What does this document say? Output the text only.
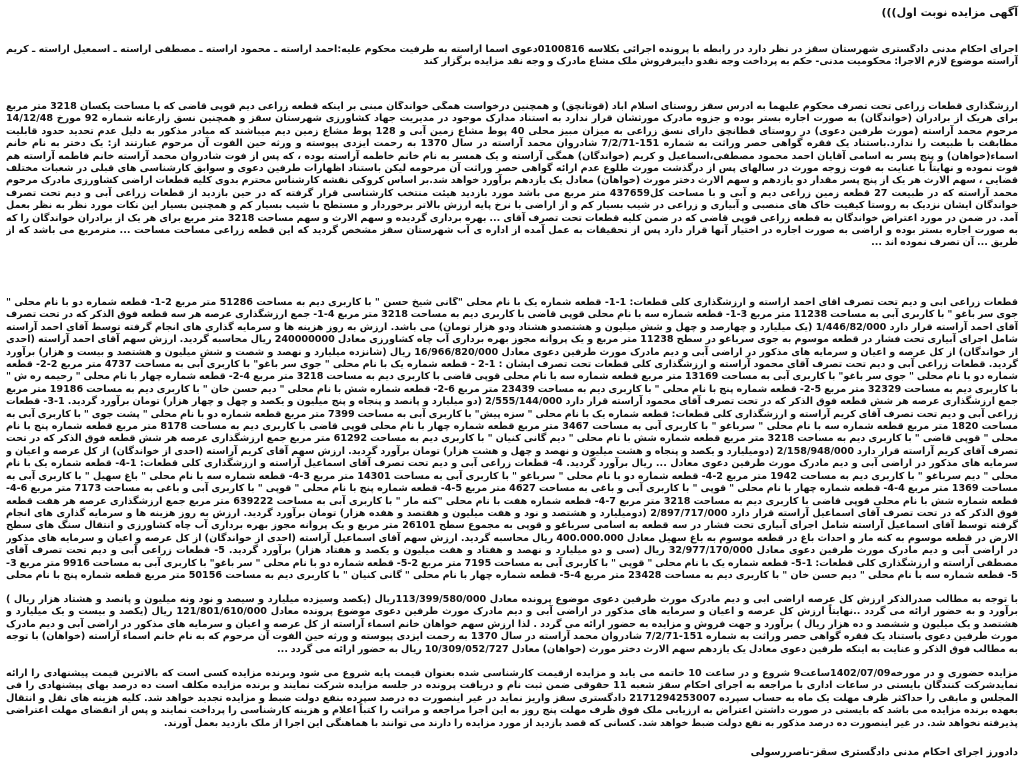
آگهی مزایده نوبت اول)))
اجرای احکام مدنی دادگستری شهرستان سقز در نظر دارد در رابطه با پرونده اجرائی بکلاسه 0100816دعوی اسما آراسته به طرفیت محکوم علیه:احمد آراسته ـ محمود آراسته ـ مصطفی آراسته ـ اسمعیل آراسته ـ کریم آراسته موضوع لازم الاجرا: محکومیت مدنی- حکم به پرداخت وجه نقدو دایبرفروش ملک مشاع مادرک و وجه نقد مزایده برگزار کند
ارزشگذاری قطعات زراعی تحت تصرف محکوم علیهما به آدرس سقز روستای اسلام آباد (قوتانچق) و همچنین درخواست همگی خواندگان مبنی بر اینکه قطعه زراعی دیم قوپی قاضی که با مساحت یکسان 3218 متر مربع برای هریک از برادران (خواندگان) به صورت اجاره بستر بوده و جزوه مادرک مورثشان قرار ندارد به استناد مدارک موجود در مدیریت جهاد کشاورزی شهرستان سقز و همچنین نسق زارعانه شماره 92 مورخ 14/12/48 مرحوم محمد آراسته (مورث طرفین دعوی) در روستای قطانچق دارای نسق زراعی به میزان مبیز محلی 40 پوط مشاع زمین آبی و 128 پوط مشاع زمین دیم میباشند که مبادر مذکور به دلیل عدم تحدید حدود قابلیت مطابقت با طبیعت را ندارد.باستناد یک فقره گواهی حصر وراثت به شماره 151-7/2/71 شادروان محمد آراسته در سال 1370 به رحمت ایزدی پیوسته و ورثه حین الفوت آن مرحوم عبارتند از: یک دختر به نام خانم اسماء(خواهان) و پنج پسر به اسامی آقایان احمد محمود مصطفی،اسماعیل و کریم (خواندگان) همگی آراسته و یک همسر به نام خانم خاطمه آراسته بوده ، که پس از فوت شادروان محمد آراسته خانم فاطمه آراسته هم فوت نموده و نهایتاً با عنایت به فوت زوجه مورث در سالهای پس از درگذشت مورث طلوع عدم ارائه گواهی حصر وراثت آن مرحومه لیکن باستناد اظهارات طرفین دعوی و سوابق کارشناسی های قبلی در شعبات مختلف قضایی ، سهم الارث هر یک از پنج پسر مقدار دو یازدهم و سهم الارث دختر مورث (خواهان) معادل یک یازدهم برآورد خواهد شد.بر اساس کروکی نقشه کارشناس محترم بدوی کلیه قطعات اراضی کشاورزی مادرک مرحوم محمد آراسته که در طبیعت 27 قطعه زمین زراعی دیم و آبی و با مساحت کل437659 متر مربع می باشد مورد بازدید هیئت منتخب کارشناسی قرار گرفته که در حین بازدید از قطعات زراعی آبی و دیم تحت تصرف خواندگان ایشان نزدیک به روستا کیفیت خاک های منصبی و آبیاری و زراعی در شیب بسیار کم و از اراضی با نرخ پایه ارزش بالاتر برخوردار و مستطح با شیب بسیار کم و همچنین بسیار این نکات مورد نظر به نظر بعمل آمد. در ضمن در مورد اعتراض خواندگان به قطعه زراعی قوپی قاضی که در ضمن کلیه قطعات تحت تصرف آقای ... بهره برداری گردیده و سهم الارث و سهم مساحت 3218 متر مربع برای هر یک از برادران خواندگان را که به صورت اجاره بستر بوده و اراضی به صورت اجاره در اختیار آنها قرار دارد پس از تحقیقات به عمل آمده از اداره ی آب شهرستان سقز مشخص گردید که این قطعه زراعی مساحت مساحت ... مترمربع می باشد که از طریق ... آن تصرف نموده اند ...
قطعات زراعی آبی و دیم تحت تصرف آقای احمد آراسته و ارزشگذاری کلی قطعات: 1-1- قطعه شماره یک با نام محلی "گانی شیخ حسن " با کاربری دیم به مساحت 51286 متر مربع 2-1- قطعه شماره دو با نام محلی " جوی سر باغو " با کاربری آبی به مساحت 11238 متر مربع 3-1- قطعه شماره سه با نام محلی قوپی قاضی با کاربری دیم به مساحت 3218 متر مربع 4-1- جمع ارزشگذاری عرصه هر سه قطعه فوق الذکر که در تحت تصرف آقای احمد آراسته قرار دارد 1/446/82/000 (یک میلیارد و چهارصد و چهل و شش میلیون و هشتصدو هشتاد ودو هزار تومان) می باشد. ارزش به روز هزینه ها و سرمایه گذاری های انجام گرفته توسط آقای احمد آراسته شامل اجرای آبیاری تحت فشار در قطعه موسوم به جوی سرباغو در سطح 11238 متر مربع و یک پروانه مجوز بهره برداری آب چاه کشاورزی معادل 240000000 ریال محاسبه گردید. ارزش سهم آقای احمد آراسته (احدی از خواندگان) از کل عرصه و اعیان و سرمایه های مذکور در اراضی آبی و دیم مادرک مورث طرفین دعوی معادل 16/966/820/000 ریال (شانزده میلیارد و نهصد و شصت و شش میلیون و هشتصد و بیست و هزار) برآورد گردید. قطعات زراعی آبی و دیم تحت تصرف آقای محمود آراسته و ارزشگذاری کلی قطعات تحت تصرف ایشان : 1-2 - قطعه شماره یک با نام محلی " جوی سر باغو" با کاربری آبی به مساحت 4737 متر مربع 2-2- قطعه شماره دو با نام محلی " جوی سر باغو" با کاربری آبی به مساحت 13169 متر مربع قطعه شماره سه با نام محلی قوپی قاضی با کاربری دیم به مساحت 3218 متر مربع 4-2- قطعه شماره چهار با نام محلی " رحیمه ره ش " با کاربری دیم به مساحت 32329 متر مربع 5-2- قطعه شماره پنج با نام محلی " با کاربری دیم به مساحت 23439 متر مربع 6-2- قطعه شماره شش با نام محلی " دیم حسن خان " با کاربری دیم به مساحت 19186 متر مربع جمع ارزشگذاری عرصه هر شش قطعه فوق الذکر که در تحت تصرف آقای محمود آراسته قرار دارد 2/555/144/000 (دو میلیارد و پانصد و پنجاه و پنج میلیون و یکصد و چهل و چهار هزار) تومان برآورد گردید. 1-3- قطعات زراعی آبی و دیم تحت تصرف آقای کریم آراسته و ارزشگذاری کلی قطعات: قطعه شماره یک با نام محلی " سزه پیش" با کاربری آبی به مساحت 7399 متر مربع قطعه شماره دو با نام محلی " پشت جوی " با کاربری آبی به مساحت 1820 متر مربع قطعه شماره سه با نام محلی " سرباغو " با کاربری آبی به مساحت 3467 متر مربع قطعه شماره چهار با نام محلی قوپی قاضی با کاربری دیم به مساحت 8178 متر مربع قطعه شماره پنج با نام محلی " قوپی قاضی " با کاربری دیم به مساحت 3218 متر مربع قطعه شماره شش با نام محلی " دیم گانی کنیان " با کاربری دیم به مساحت 61292 متر مربع جمع ارزشگذاری عرصه هر شش قطعه فوق الذکر که در تحت تصرف آقای کریم آراسته قرار دارد 2/158/948/000 (دومیلیارد و یکصد و پنجاه و هشت میلیون و نهصد و چهل و هشت هزار) تومان برآورد گردید. ارزش سهم آقای کریم آراسته (احدی از خواندگان) از کل عرصه و اعیان و سرمایه های مذکور در اراضی آبی و دیم مادرک مورث طرفین دعوی معادل ... ریال برآورد گردید. 4- قطعات زراعی آبی و دیم تحت تصرف آقای اسماعیل آراسته و ارزشگذاری کلی قطعات: 1-4- قطعه شماره یک با نام محلی " دیم سرباغو " با کاربری دیم به مساحت 1942 متر مربع 2-4- قطعه شماره دو با نام محلی " سرباغو " با کاربری آبی به مساحت 14301 متر مربع 3-4- قطعه شماره سه با نام محلی " باغ سهیل " با کاربری آبی به مساحت 1369 متر مربع 4-4- قطعه شماره چهار با نام محلی " قوپی " با کاربری آبی و باغی به مساحت 4627 متر مربع 5-4- قطعه شماره پنج با نام محلی " قوپی " با کاربری آبی و باغی به مساحت 7173 متر مربع 6-4- قطعه شماره شش با نام محلی قوپی قاضی با کاربری دیم به مساحت 3218 متر مربع 7-4- قطعه شماره هفت با نام محلی "کنه مار " با کاربری آبی به مساحت 639222 متر مربع جمع ارزشگذاری عرصه هر هفت قطعه فوق الذکر که در تحت تصرف آقای اسماعیل آراسته قرار دارد 2/897/717/000 (دومیلیارد و هشتصد و نود و هفت میلیون و هفتصد و هفده هزار) تومان برآورد گردید. ارزش به روز هزینه ها و سرمایه گذاری های انجام گرفته توسط آقای اسماعیل آراسته شامل اجرای آبیاری تحت فشار در سه قطعه به اسامی سرباغو و قوپی به مجموع سطح 26101 متر مربع و یک پروانه مجوز بهره برداری آب چاه کشاورزی و انتقال سنگ های سطح الارض در قطعه موسوم به کنه مار و احداث باغ در قطعه موسوم به باغ سهیل معادل 400.000.000 ریال محاسبه گردید. ارزش سهم آقای اسماعیل آراسته (احدی از خواندگان) از کل عرصه و اعیان و سرمایه های مذکور در اراضی آبی و دیم مادرک مورث طرفین دعوی معادل 32/977/170/000 ریال (سی و دو میلیارد و نهصد و هفتاد و هفت میلیون و یکصد و هفتاد هزار) برآورد گردید. 5- قطعات زراعی آبی و دیم تحت تصرف آقای مصطفی آراسته و ارزشگذاری کلی قطعات: 1-5- قطعه شماره یک با نام محلی " قوپی " با کاربری آبی به مساحت 7195 متر مربع 2-5- قطعه شماره دو با نام محلی " سر باغو" با کاربری آبی به مساحت 9916 متر مربع 3-5- قطعه شماره سه با نام محلی " دیم حسن خان " با کاربری دیم به مساحت 23428 متر مربع 4-5- قطعه شماره چهار با نام محلی " گانی کنیان " با کاربری دیم به مساحت 50156 متر مربع قطعه شماره پنج با نام محلی
با توجه به مطالب صدرالذکر ارزش کل عرصه اراضی آبی و دیم مادرک مورث طرفین دعوی موضوع پرونده معادل 113/399/580/000ریال (یکصد وسیزده میلیارد و سیصد و نود ونه میلیون و پانصد و هشتاد هزار ریال ) برآورد و به حضور ارائه می گردد ..نهایتاً ارزش کل عرصه و اعیان و سرمایه های مذکور در اراضی آبی و دیم مادرک مورث طرفین دعوی موضوع پرونده معادل 121/801/610/000 ریال (یکصد و بیست و یک میلیارد و هشتصد و یک میلیون و ششصد و ده هزار ریال ) برآورد و جهت فروش و مزایده به حضور ارائه می گردد . لذا ارزش سهم خواهان خانم اسماء آراسته از کل عرصه و اعیان و سرمایه های مذکور در اراضی آبی و دیم مادرک مورث طرفین دعوی باستناد یک فقره گواهی حصر وراثت به شماره 151-7/2/71 شادروان محمد آراسته در سال 1370 به رحمت ایزدی پیوسته و ورثه حین الفوت آن مرحوم که به نام خانم اسماء آراسته (خواهان) با توجه به مطالب فوق الذکر و عنایت به اینکه طرفین دعوی معادل یک یازدهم سهم الارث دختر مورث (خواهان) معادل 10/309/052/727 ریال به حضور ارائه می گردد ...
مزایده حضوری و در مورخه1402/07/09ساعت9 شروع و در ساعت 10 خاتمه می یابد و مزایده ازقیمت کارشناسی شده بعنوان قیمت پایه شروع می شود وبرنده مزایده کسی است که بالاترین قیمت پیشنهادی را ارائه نمایدشرکت کنندگان بایستی در ساعات اداری با مراجعه به اجرای احکام سقز شعبه 11 حقوقی ضمن ثبت نام و دریافت پرونده در جلسه مزایده شرکت نمایند و برنده مزایده مکلف است ده درصد بهای پیشنهادی را فی المجلس و مابقی را حداکثر ظرف مهلت یک ماه به حساب سپرده 2171294253007 دادگستری سقز واریز نماید در غیر اینصورت ده درصد سپرده بنفع دولت ضبط و مزایده تجدید خواهد شد. کلیه هزینه های نقل و انتقال بعهده برنده مزایده می باشد که بایستی در صورت داشتن اعتراض به ارزیابی ملک فوق ظرف مهلت پنج روز به این اجرا مراجعه و مراتب را کتباً اعلام و هزینه کارشناسی را پرداخت نمایند و پس از انقضای مهلت اعتراضی پذیرفته نخواهد شد. در غیر اینصورت ده درصد مذکور به نفع دولت ضبط خواهد شد. کسانی که قصد بازدید از مورد مزایده را دارند می توانند با هماهنگی این اجرا از ملک بازدید بعمل آورند.
دادورز اجرای احکام مدنی دادگستری سقز-ناصررسولی
